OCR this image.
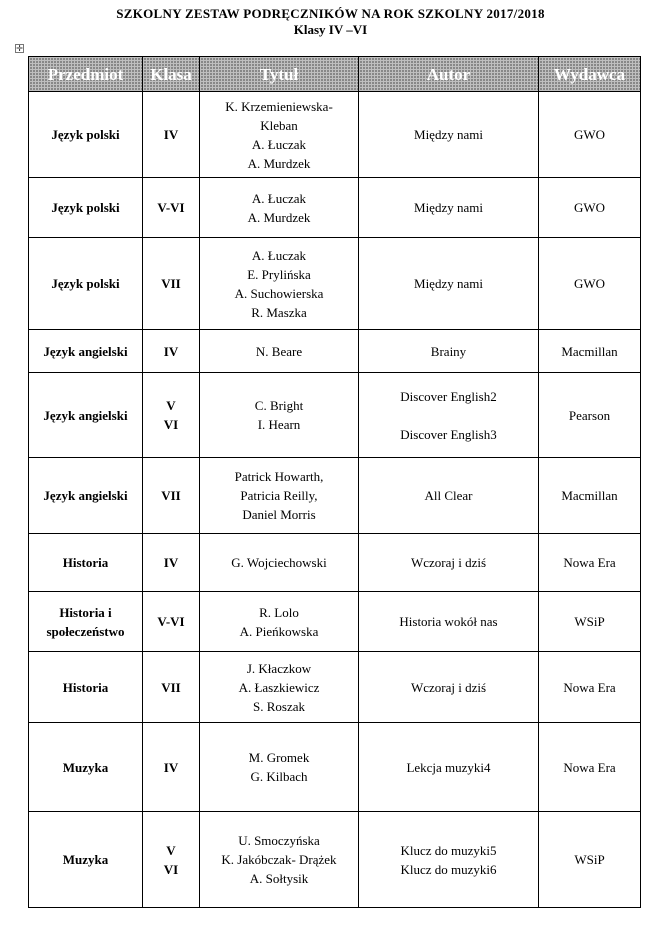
SZKOLNY ZESTAW PODRĘCZNIKÓW NA ROK SZKOLNY 2017/2018
Klasy IV –VI
✛
Przedmiot	Klasa	Tytuł	Autor	Wydawca

Język polski	IV	K. Krzemieniewska-
Kleban
A. Łuczak
A. Murdzek	Między nami	GWO

Język polski	V-VI	A. Łuczak
A. Murdzek	Między nami	GWO

Język polski	VII	A. Łuczak
E. Prylińska
A. Suchowierska
R. Maszka	Między nami	GWO

Język angielski	IV	N. Beare	Brainy	Macmillan

Język angielski	V
VI	C. Bright
I. Hearn	Discover English2
Discover English3	Pearson

Język angielski	VII	Patrick Howarth,
Patricia Reilly,
Daniel Morris	All Clear	Macmillan

Historia	IV	G. Wojciechowski	Wczoraj i dziś	Nowa Era

Historia i
społeczeństwo	V-VI	R. Lolo
A. Pieńkowska	Historia wokół nas	WSiP

Historia	VII	J. Kłaczkow
A. Łaszkiewicz
S. Roszak	Wczoraj i dziś	Nowa Era

Muzyka	IV	M. Gromek
G. Kilbach	Lekcja muzyki4	Nowa Era

Muzyka	V
VI	U. Smoczyńska
K. Jakóbczak- Drążek
A. Sołtysik	Klucz do muzyki5
Klucz do muzyki6	WSiP
